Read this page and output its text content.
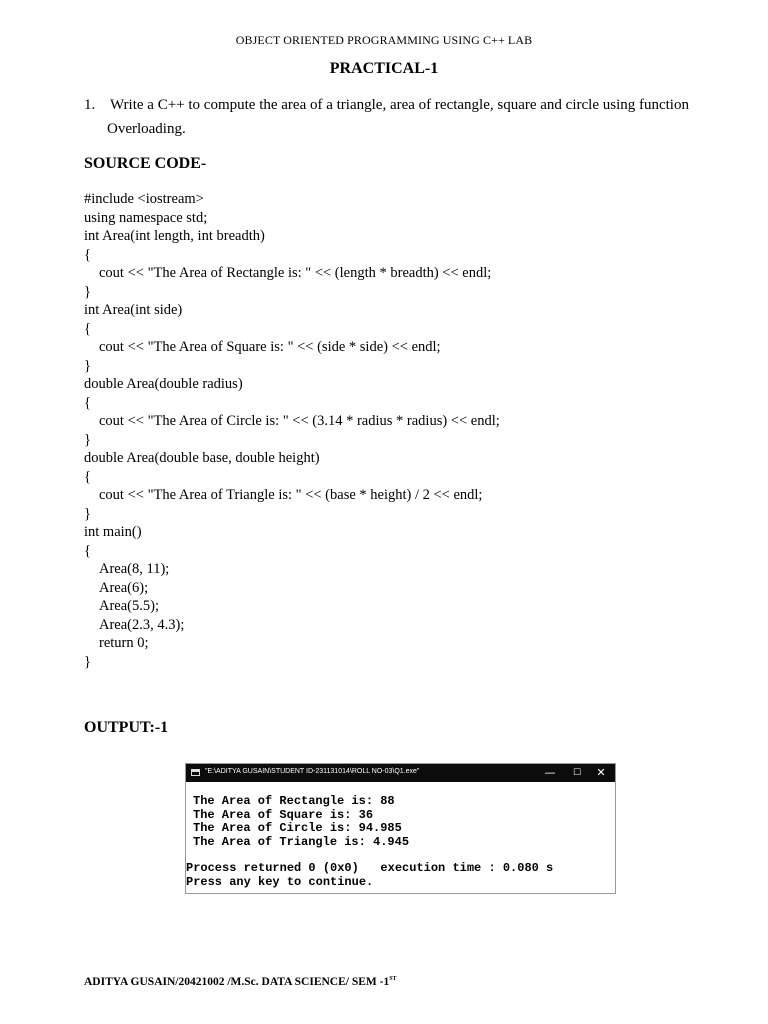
OBJECT ORIENTED PROGRAMMING USING C++ LAB
PRACTICAL-1
1. Write a C++ to compute the area of a triangle, area of rectangle, square and circle using function
Overloading.
SOURCE CODE-
#include <iostream>
using namespace std;
int Area(int length, int breadth)
{
cout << "The Area of Rectangle is: " << (length * breadth) << endl;
}
int Area(int side)
{
cout << "The Area of Square is: " << (side * side) << endl;
}
double Area(double radius)
{
cout << "The Area of Circle is: " << (3.14 * radius * radius) << endl;
}
double Area(double base, double height)
{
cout << "The Area of Triangle is: " << (base * height) / 2 << endl;
}
int main()
{
Area(8, 11);
Area(6);
Area(5.5);
Area(2.3, 4.3);
return 0;
}
OUTPUT:-1
"E:\ADITYA GUSAIN\STUDENT ID-231131014\ROLL NO-03\Q1.exe"	—	☐	✕
The Area of Rectangle is: 88
The Area of Square is: 36
The Area of Circle is: 94.985
The Area of Triangle is: 4.945
Process returned 0 (0x0)   execution time : 0.080 s
Press any key to continue.
ADITYA GUSAIN/20421002 /M.Sc. DATA SCIENCE/ SEM -1ST
